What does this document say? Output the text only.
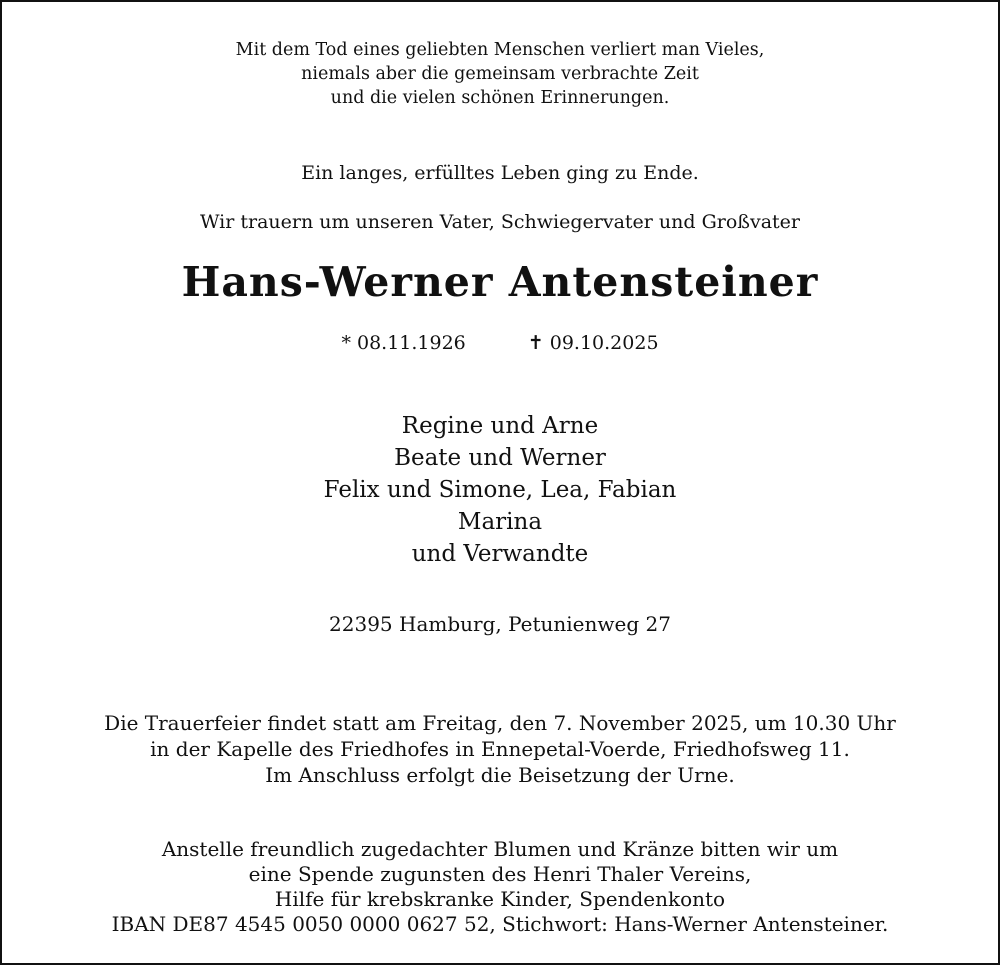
Mit dem Tod eines geliebten Menschen verliert man Vieles,
niemals aber die gemeinsam verbrachte Zeit
und die vielen schönen Erinnerungen.
Ein langes, erfülltes Leben ging zu Ende.
Wir trauern um unseren Vater, Schwiegervater und Großvater
Hans-Werner Antensteiner
* 08.11.1926	✝ 09.10.2025
Regine und Arne
Beate und Werner
Felix und Simone, Lea, Fabian
Marina
und Verwandte
22395 Hamburg, Petunienweg 27
Die Trauerfeier findet statt am Freitag, den 7. November 2025, um 10.30 Uhr
in der Kapelle des Friedhofes in Ennepetal-Voerde, Friedhofsweg 11.
Im Anschluss erfolgt die Beisetzung der Urne.
Anstelle freundlich zugedachter Blumen und Kränze bitten wir um
eine Spende zugunsten des Henri Thaler Vereins,
Hilfe für krebskranke Kinder, Spendenkonto
IBAN DE87 4545 0050 0000 0627 52, Stichwort: Hans-Werner Antensteiner.
